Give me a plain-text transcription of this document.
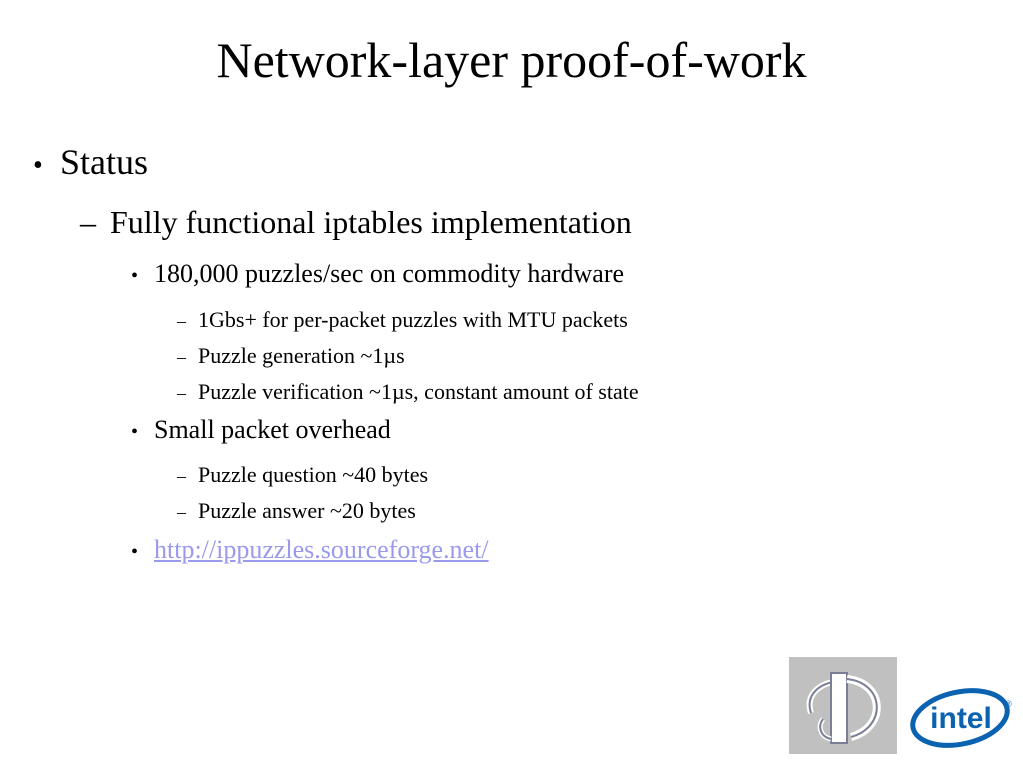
Network-layer proof-of-work
• Status
– Fully functional iptables implementation
• 180,000 puzzles/sec on commodity hardware
– 1Gbs+ for per-packet puzzles with MTU packets
– Puzzle generation ~1µs
– Puzzle verification ~1µs, constant amount of state
• Small packet overhead
– Puzzle question ~40 bytes
– Puzzle answer ~20 bytes
• http://ippuzzles.sourceforge.net/
intel ®
